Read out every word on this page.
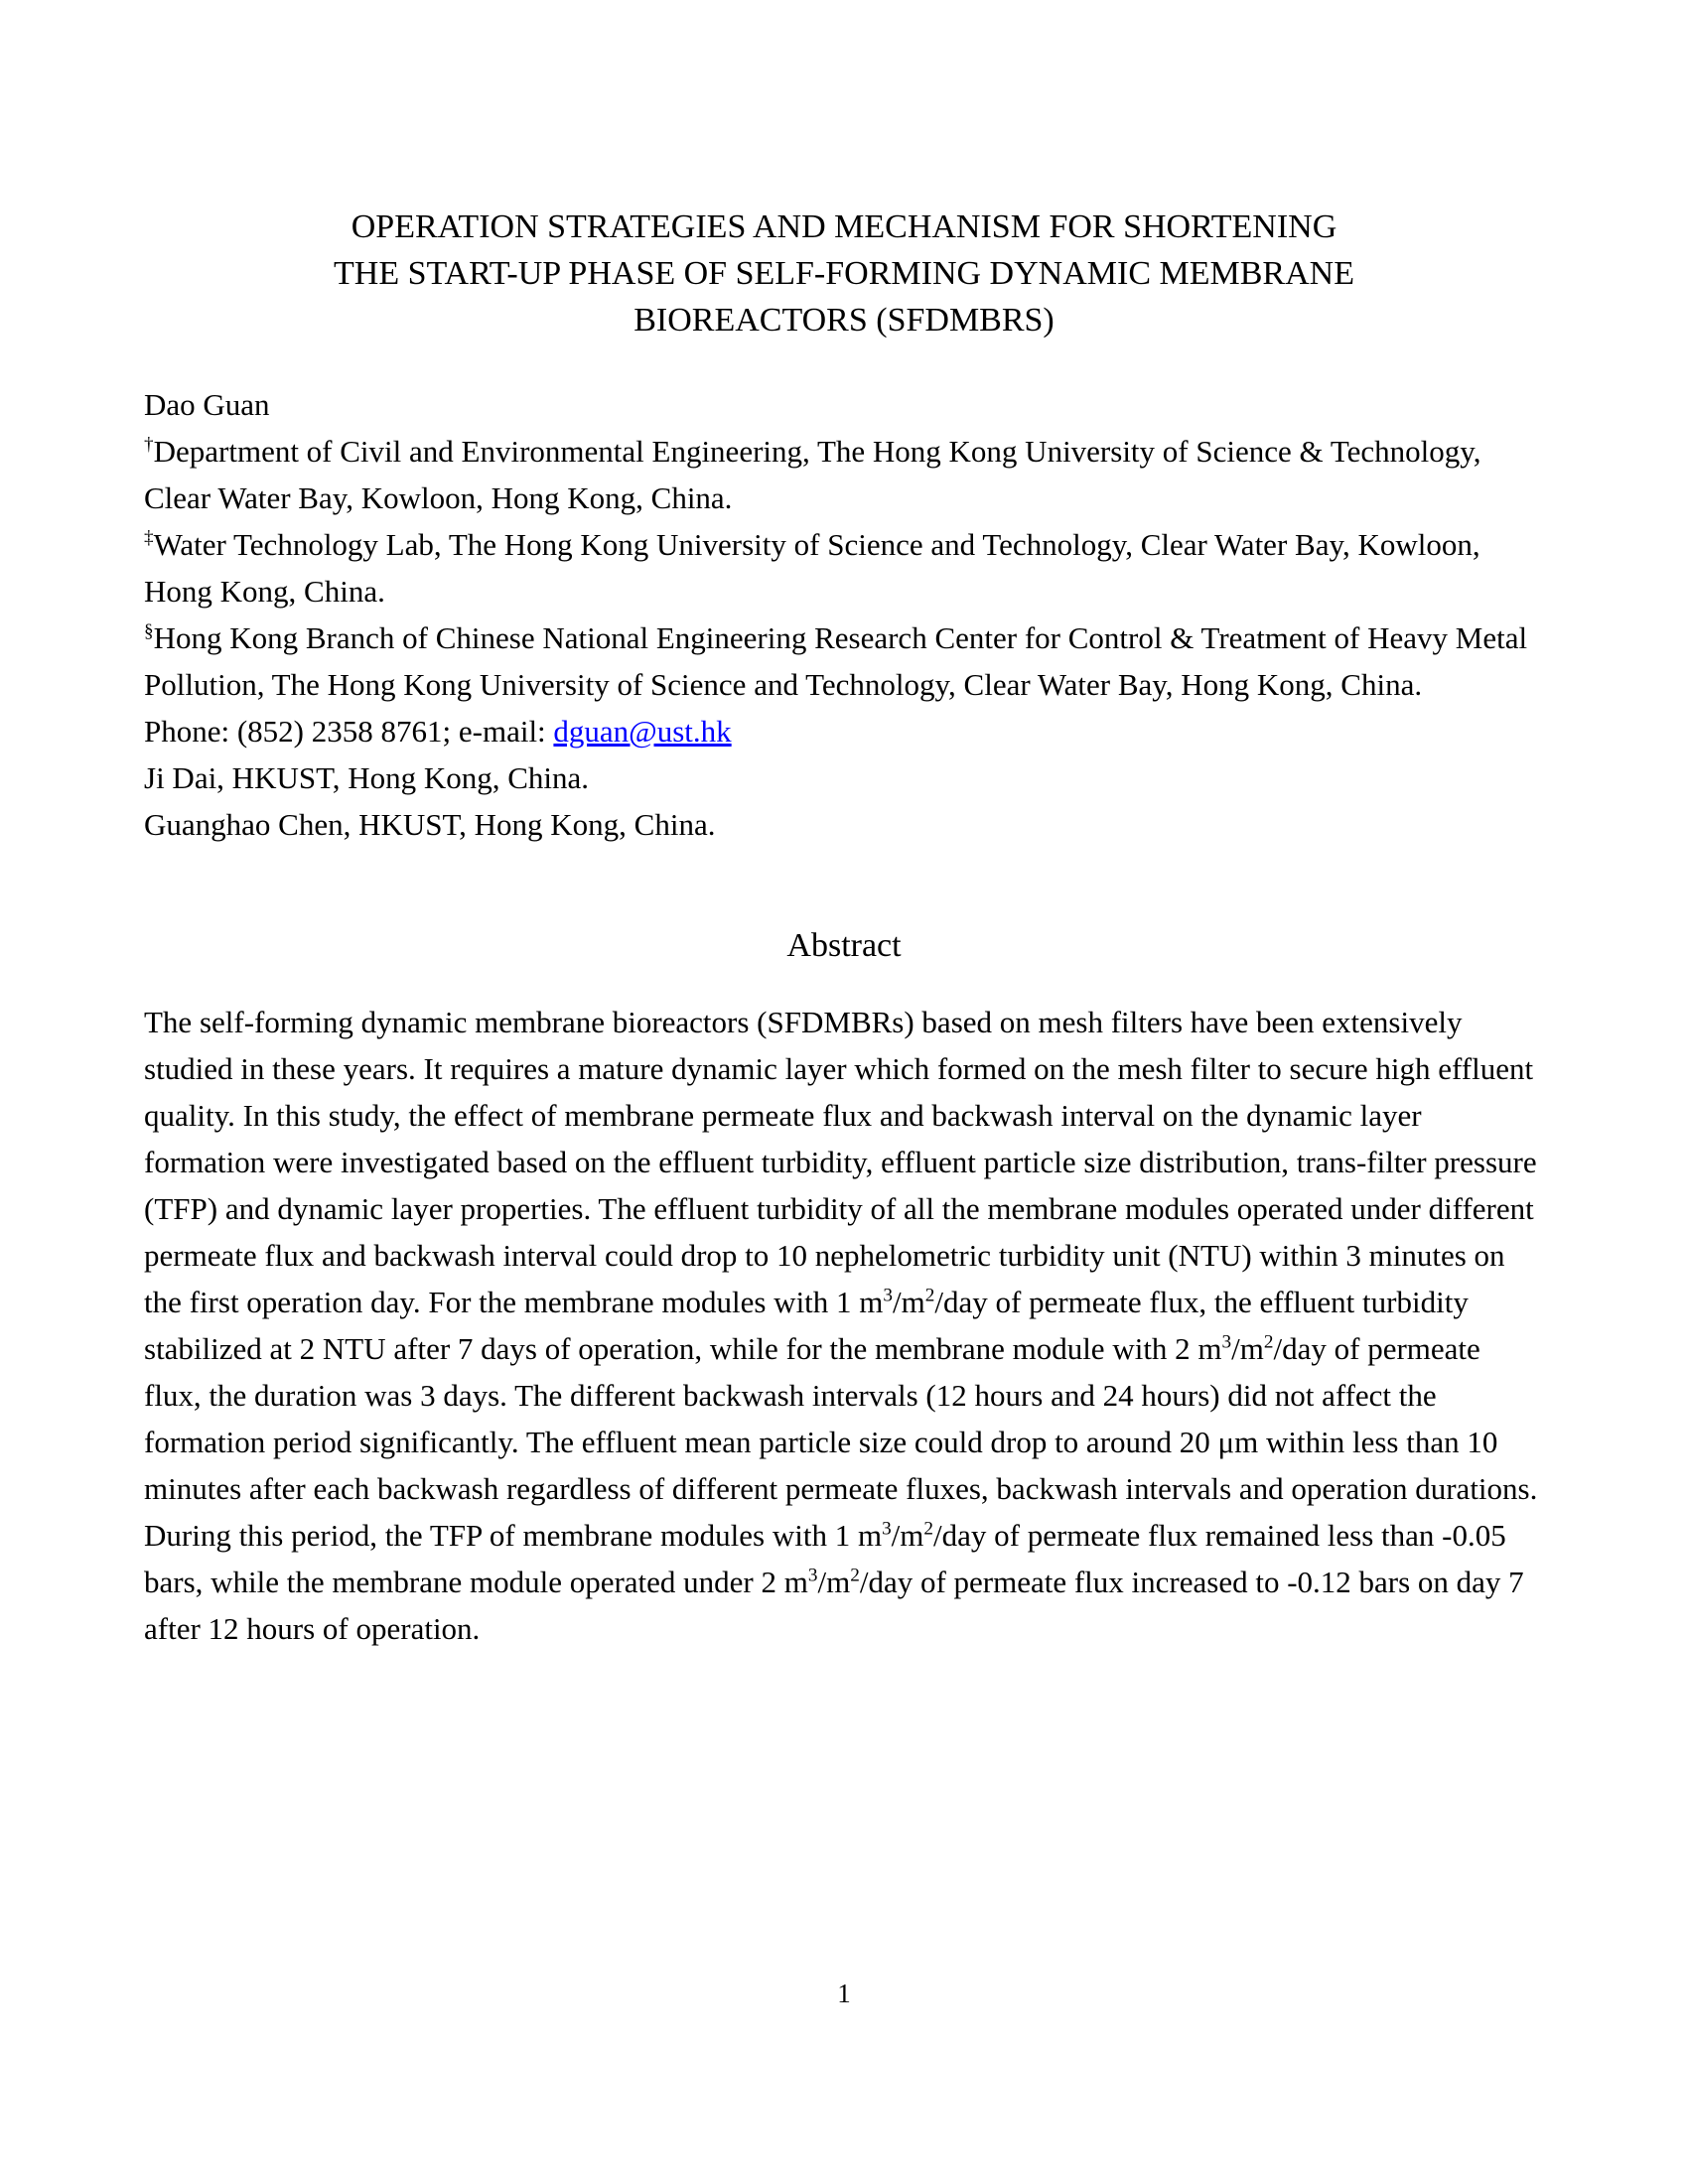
OPERATION STRATEGIES AND MECHANISM FOR SHORTENING
THE START-UP PHASE OF SELF-FORMING DYNAMIC MEMBRANE
BIOREACTORS (SFDMBRS)

Dao Guan

†Department of Civil and Environmental Engineering, The Hong Kong University of Science & Technology, Clear Water Bay, Kowloon, Hong Kong, China.

‡Water Technology Lab, The Hong Kong University of Science and Technology, Clear Water Bay, Kowloon, Hong Kong, China.

§Hong Kong Branch of Chinese National Engineering Research Center for Control & Treatment of Heavy Metal Pollution, The Hong Kong University of Science and Technology, Clear Water Bay, Hong Kong, China.

Phone: (852) 2358 8761; e-mail: dguan@ust.hk

Ji Dai, HKUST, Hong Kong, China.

Guanghao Chen, HKUST, Hong Kong, China.

Abstract

The self-forming dynamic membrane bioreactors (SFDMBRs) based on mesh filters have been extensively studied in these years. It requires a mature dynamic layer which formed on the mesh filter to secure high effluent quality. In this study, the effect of membrane permeate flux and backwash interval on the dynamic layer formation were investigated based on the effluent turbidity, effluent particle size distribution, trans-filter pressure (TFP) and dynamic layer properties. The effluent turbidity of all the membrane modules operated under different permeate flux and backwash interval could drop to 10 nephelometric turbidity unit (NTU) within 3 minutes on the first operation day. For the membrane modules with 1 $m^3/m^2$/day of permeate flux, the effluent turbidity stabilized at 2 NTU after 7 days of operation, while for the membrane module with 2 $m^3/m^2$/day of permeate flux, the duration was 3 days. The different backwash intervals (12 hours and 24 hours) did not affect the formation period significantly. The effluent mean particle size could drop to around 20 μm within less than 10 minutes after each backwash regardless of different permeate fluxes, backwash intervals and operation durations. During this period, the TFP of membrane modules with 1 $m^3/m^2$/day of permeate flux remained less than -0.05 bars, while the membrane module operated under 2 $m^3/m^2$/day of permeate flux increased to -0.12 bars on day 7 after 12 hours of operation.

1
